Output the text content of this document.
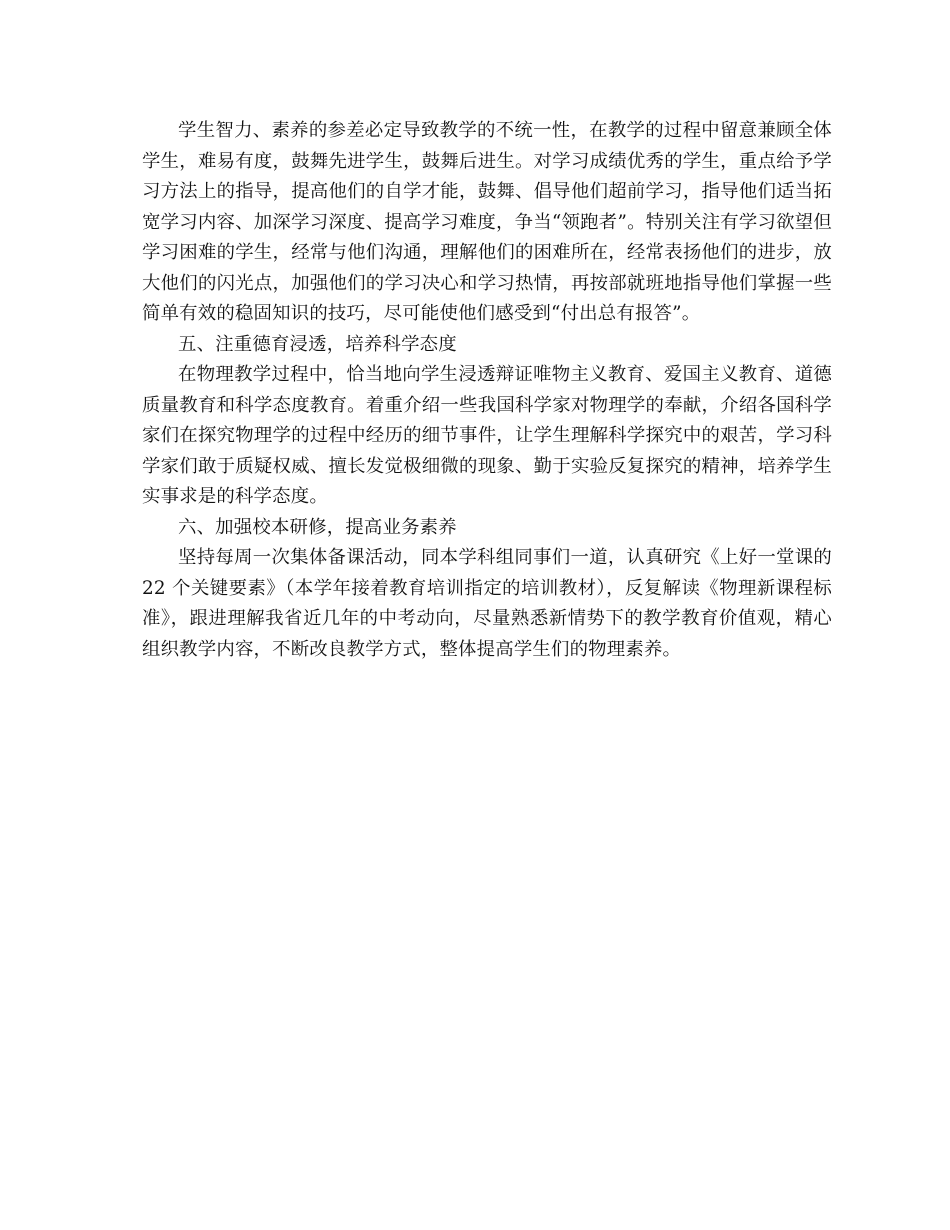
学生智力、素养的参差必定导致教学的不统一性，在教学的过程中留意兼顾全体学生，难易有度，鼓舞先进学生，鼓舞后进生。对学习成绩优秀的学生，重点给予学习方法上的指导，提高他们的自学才能，鼓舞、倡导他们超前学习，指导他们适当拓宽学习内容、加深学习深度、提高学习难度，争当“领跑者”。特别关注有学习欲望但学习困难的学生，经常与他们沟通，理解他们的困难所在，经常表扬他们的进步，放大他们的闪光点，加强他们的学习决心和学习热情，再按部就班地指导他们掌握一些简单有效的稳固知识的技巧，尽可能使他们感受到“付出总有报答”。

五、注重德育浸透，培养科学态度

在物理教学过程中，恰当地向学生浸透辩证唯物主义教育、爱国主义教育、道德质量教育和科学态度教育。着重介绍一些我国科学家对物理学的奉献，介绍各国科学家们在探究物理学的过程中经历的细节事件，让学生理解科学探究中的艰苦，学习科学家们敢于质疑权威、擅长发觉极细微的现象、勤于实验反复探究的精神，培养学生实事求是的科学态度。

六、加强校本研修，提高业务素养

坚持每周一次集体备课活动，同本学科组同事们一道，认真研究《上好一堂课的 22 个关键要素》（本学年接着教育培训指定的培训教材），反复解读《物理新课程标准》，跟进理解我省近几年的中考动向，尽量熟悉新情势下的教学教育价值观，精心组织教学内容，不断改良教学方式，整体提高学生们的物理素养。
